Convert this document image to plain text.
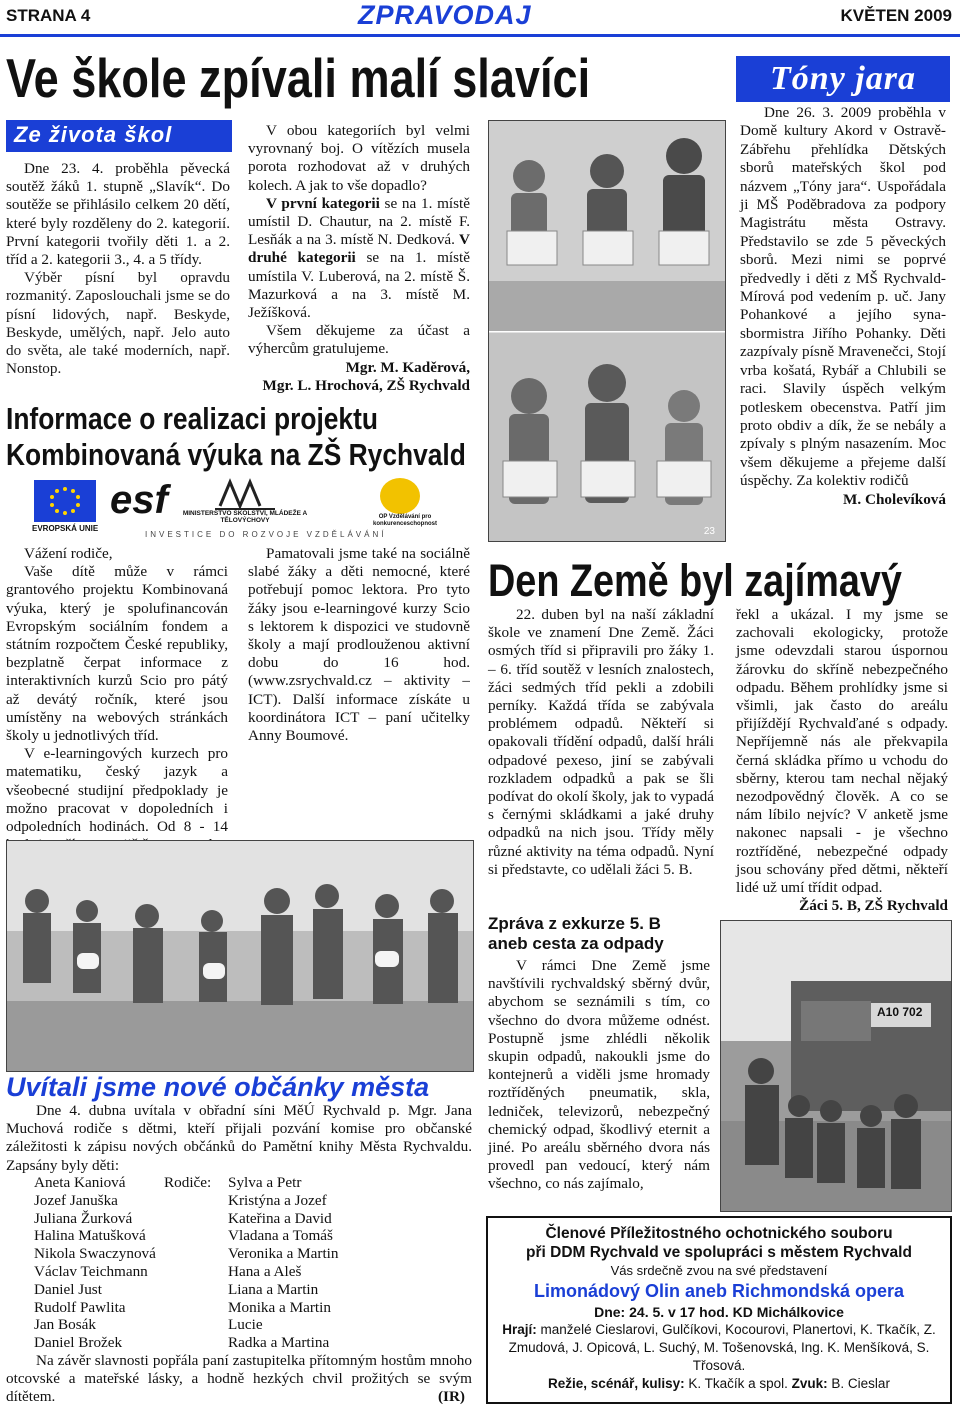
STRANA 4	ZPRAVODAJ	KVĚTEN 2009
Ve škole zpívali malí slavíci
Ze života škol

Dne 23. 4. proběhla pěvecká soutěž žáků 1. stupně „Slavík“. Do soutěže se přihlásilo celkem 20 dětí, které byly rozděleny do 2. kategorií. První kategorii tvořily děti 1. a 2. tříd a 2. kategorii 3., 4. a 5 třídy.

Výběr písní byl opravdu rozmanitý. Zaposlouchali jsme se do písní lidových, např. Beskyde, Beskyde, umělých, např. Jelo auto do světa, ale také moderních, např. Nonstop.

V obou kategoriích byl velmi vyrovnaný boj. O vítězích musela porota rozhodovat až v druhých kolech. A jak to vše dopadlo?

V první kategorii se na 1. místě umístil D. Chautur, na 2. místě F. Lesňák a na 3. místě N. Dedková. V druhé kategorii se na 1. místě umístila V. Luberová, na 2. místě Š. Mazurková a na 3. místě M. Ježíšková.

Všem děkujeme za účast a výhercům gratulujeme.

Mgr. M. Kaděrová,

Mgr. L. Hrochová, ZŠ Rychvald

23
Informace o realizaci projektu
Kombinovaná výuka na ZŠ Rychvald
EVROPSKÁ UNIE
esf	MINISTERSTVO ŠKOLSTVÍ, MLÁDEŽE A TĚLOVÝCHOVY	OP Vzdělávání pro konkurenceschopnost
INVESTICE DO ROZVOJE VZDĚLÁVÁNÍ

Vážení rodiče,

Vaše dítě může v rámci grantového projektu Kombinovaná výuka, který je spolufinancován Evropským sociálním fondem a státním rozpočtem České republiky, bezplatně čerpat informace z interaktivních kurzů Scio pro pátý až devátý ročník, které jsou umístěny na webových stránkách školy u jednotlivých tříd.

V e-learningových kurzech pro matematiku, český jazyk a všeobecné studijní předpoklady je možno pracovat v dopoledních i odpoledních hodinách. Od 8 - 14

Pamatovali jsme také na sociálně slabé žáky a děti nemocné, které potřebují pomoc lektora. Pro tyto žáky jsou e-learningové kurzy Scio s lektorem k dispozici ve studovně školy a mají prodlouženou aktivní dobu do 16 hod. (www.zsrychvald.cz – aktivity – ICT). Další informace získáte u koordinátora ICT – paní učitelky Anny Boumové.

Uvítali jsme nové občánky města

Dne 4. dubna uvítala v obřadní síni MěÚ Rychvald p. Mgr. Jana Muchová rodiče s dětmi, kteří přijali pozvání komise pro občanské záležitosti k zápisu nových občánků do Pamětní knihy Města Rychvaldu. Zapsány byly děti:

Aneta Kaniová	Rodiče:	Sylva a Petr
Jozef Januška	Kristýna a Jozef
Juliana Žurková	Kateřina a David
Halina Matušková	Vladana a Tomáš
Nikola Swaczynová	Veronika a Martin
Václav Teichmann	Hana a Aleš
Daniel Just	Liana a Martin
Rudolf Pawlita	Monika a Martin
Jan Bosák	Lucie
Daniel Brožek	Radka a Martina

Na závěr slavnosti popřála paní zastupitelka přítomným hostům mnoho otcovské a mateřské lásky, a hodně hezkých chvil prožitých se svým dítětem.	(IR)
Tóny jara

Dne 26. 3. 2009 proběhla v Domě kultury Akord v Ostravě-Zábřehu přehlídka Dětských sborů mateřských škol pod názvem „Tóny jara“. Uspořádala ji MŠ Poděbradova za podpory Magistrátu města Ostravy. Představilo se zde 5 pěveckých sborů. Mezi nimi se poprvé předvedly i děti z MŠ Rychvald-Mírová pod vedením p. uč. Jany Pohankové a jejího syna-sbormistra Jiřího Pohanky. Děti zazpívaly písně Mravenečci, Stojí vrba košatá, Rybář a Chlubili se raci. Slavily úspěch velkým potleskem obecenstva. Patří jim proto obdiv a dík, že se nebály a zpívaly s plným nasazením. Moc všem děkujeme a přejeme další úspěchy. Za kolektiv rodičů

M. Cholevíková

Den Země byl zajímavý

22. duben byl na naší základní škole ve znamení Dne Země. Žáci osmých tříd si připravili pro žáky 1. – 6. tříd soutěž v lesních znalostech, žáci sedmých tříd pekli a zdobili perníky. Každá třída se zabývala problémem odpadů. Někteří si opakovali třídění odpadů, další hráli odpadové pexeso, jiní se zabývali rozkladem odpadků a pak se šli podívat do okolí školy, jak to vypadá s černými skládkami a jaké druhy odpadků na nich jsou. Třídy měly různé aktivity na téma odpadů. Nyní si představte, co udělali žáci 5. B.

řekl a ukázal. I my jsme se zachovali ekologicky, protože jsme odevzdali starou úspornou žárovku do skříně nebezpečného odpadu. Během prohlídky jsme si všimli, jak často do areálu přijíždějí Rychvalďané s odpady. Nepříjemně nás ale překvapila černá skládka přímo u vchodu do sběrny, kterou tam nechal nějaký nezodpovědný člověk. A co se nám líbilo nejvíc? V anketě jsme nakonec napsali - je všechno roztříděné, nebezpečné odpady jsou schovány před dětmi, někteří lidé už umí třídit odpad.

Žáci 5. B, ZŠ Rychvald

Zpráva z exkurze 5. B
aneb cesta za odpady

V rámci Dne Země jsme navštívili rychvaldský sběrný dvůr, abychom se seznámili s tím, co všechno do dvora můžeme odnést. Postupně jsme zhlédli několik skupin odpadů, nakoukli jsme do kontejnerů a viděli jsme hromady roztříděných pneumatik, skla, ledniček, televizorů, nebezpečný chemický odpad, škodlivý eternit a jiné. Po areálu sběrného dvora nás provedl pan vedoucí, který nám všechno, co nás zajímalo,

A10 702
Členové Příležitostného ochotnického souboru
při DDM Rychvald ve spolupráci s městem Rychvald
Vás srdečně zvou na své představení
Limonádový Olin aneb Richmondská opera
Dne: 24. 5. v 17 hod. KD Michálkovice
Hrají: manželé Cieslarovi, Gulčíkovi, Kocourovi, Planertovi, K. Tkačík, Z. Zmudová, J. Opicová, L. Suchý, M. Tošenovská, Ing. K. Menšíková, S. Třosová.
Režie, scénář, kulisy: K. Tkačík a spol. Zvuk: B. Cieslar
